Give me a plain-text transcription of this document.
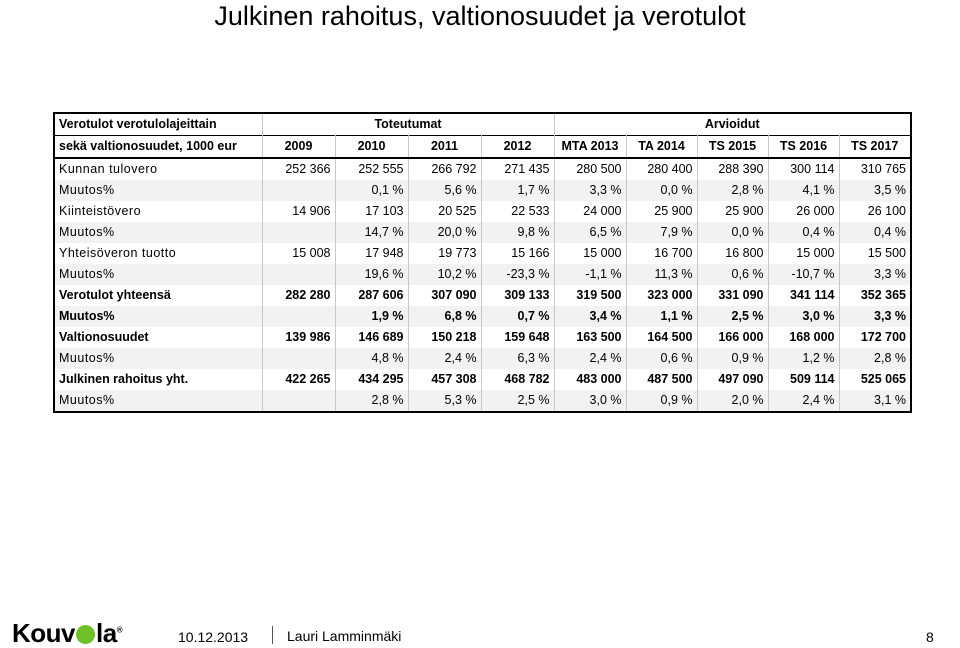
Julkinen rahoitus, valtionosuudet ja verotulot
Verotulot verotulolajeittain	Toteutumat				Arvioidut				
sekä valtionosuudet, 1000 eur	2009	2010	2011	2012	MTA 2013	TA 2014	TS 2015	TS 2016	TS 2017
Kunnan tulovero	252 366	252 555	266 792	271 435	280 500	280 400	288 390	300 114	310 765
Muutos%		0,1 %	5,6 %	1,7 %	3,3 %	0,0 %	2,8 %	4,1 %	3,5 %
Kiinteistövero	14 906	17 103	20 525	22 533	24 000	25 900	25 900	26 000	26 100
Muutos%		14,7 %	20,0 %	9,8 %	6,5 %	7,9 %	0,0 %	0,4 %	0,4 %
Yhteisöveron tuotto	15 008	17 948	19 773	15 166	15 000	16 700	16 800	15 000	15 500
Muutos%		19,6 %	10,2 %	-23,3 %	-1,1 %	11,3 %	0,6 %	-10,7 %	3,3 %
Verotulot yhteensä	282 280	287 606	307 090	309 133	319 500	323 000	331 090	341 114	352 365
Muutos%		1,9 %	6,8 %	0,7 %	3,4 %	1,1 %	2,5 %	3,0 %	3,3 %
Valtionosuudet	139 986	146 689	150 218	159 648	163 500	164 500	166 000	168 000	172 700
Muutos%		4,8 %	2,4 %	6,3 %	2,4 %	0,6 %	0,9 %	1,2 %	2,8 %
Julkinen rahoitus yht.	422 265	434 295	457 308	468 782	483 000	487 500	497 090	509 114	525 065
Muutos%		2,8 %	5,3 %	2,5 %	3,0 %	0,9 %	2,0 %	2,4 %	3,1 %
Kouv la®	10.12.2013	Lauri Lamminmäki	8
